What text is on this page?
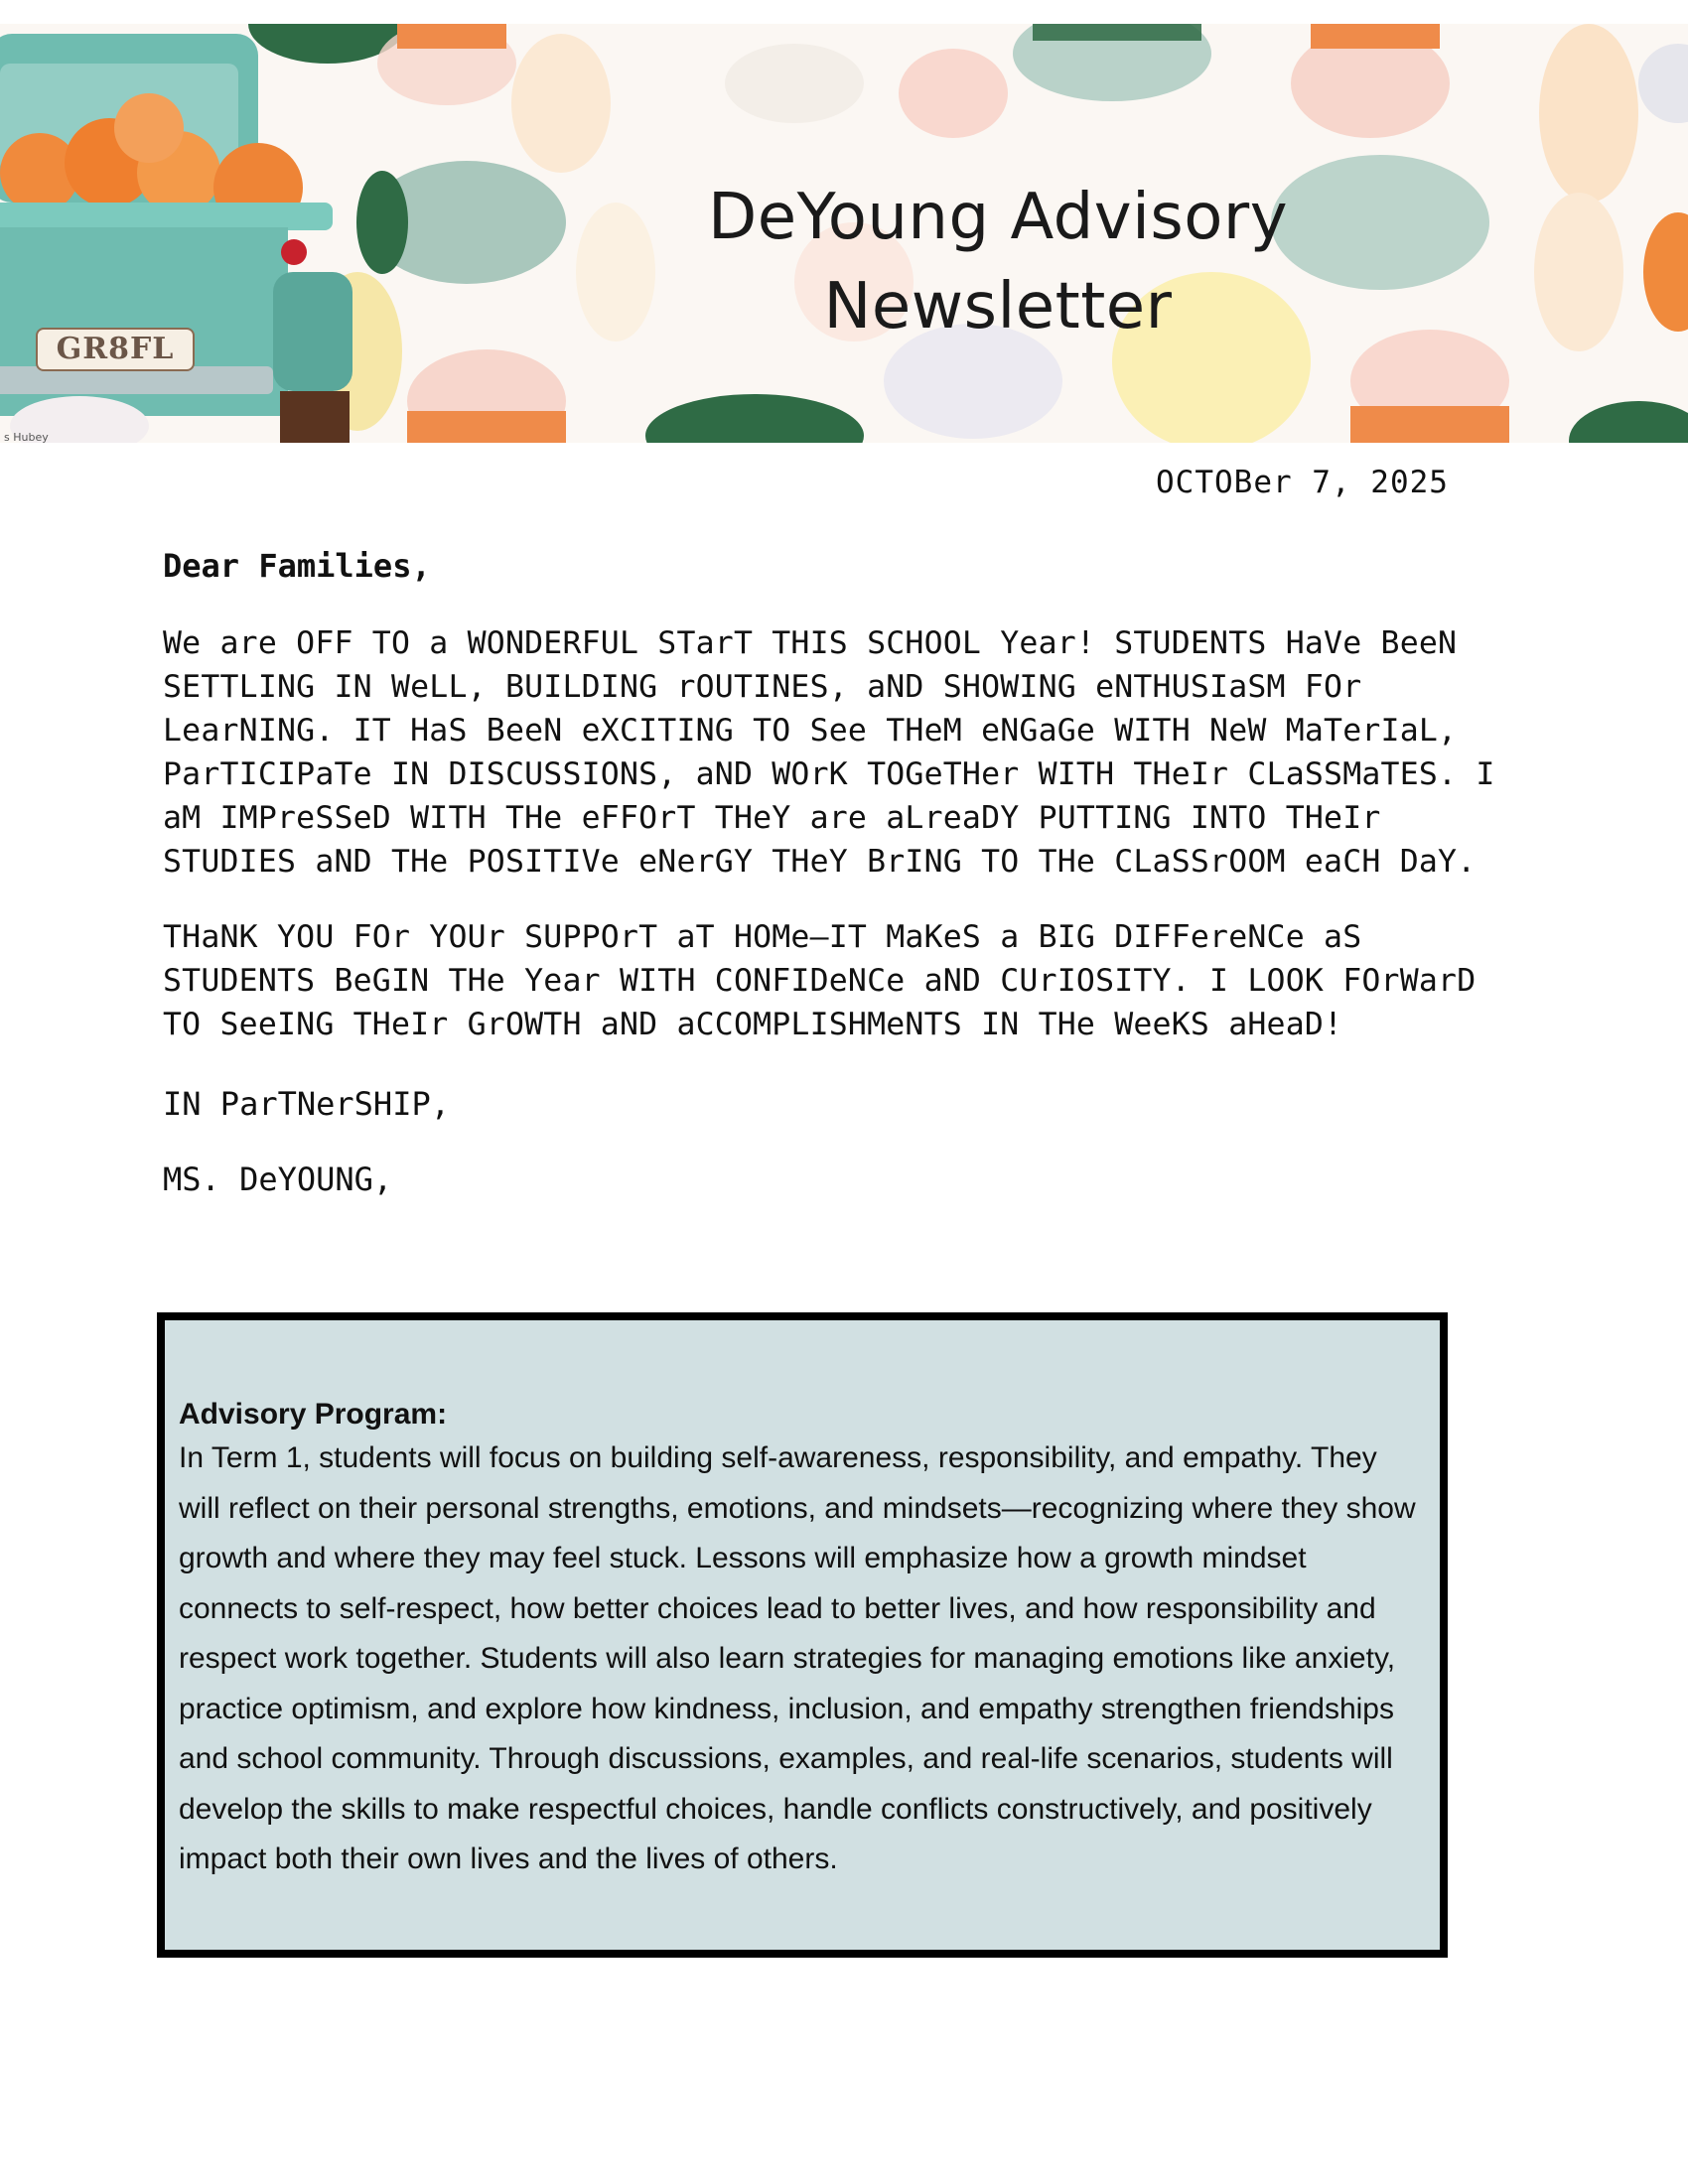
GR8FL
s Hubey
DeYoung Advisory
Newsletter
OCTOBer 7, 2025
Dear Families,
We are OFF TO a WONDERFUL STarT THIS SCHOOL Year! STUDENTS HaVe BeeN SETTLING IN WeLL, BUILDING rOUTINES, aND SHOWING eNTHUSIaSM FOr LearNING. IT HaS BeeN eXCITING TO See THeM eNGaGe WITH NeW MaTerIaL, ParTICIPaTe IN DISCUSSIONS, aND WOrK TOGeTHer WITH THeIr CLaSSMaTES. I aM IMPreSSeD WITH THe eFFOrT THeY are aLreaDY PUTTING INTO THeIr STUDIES aND THe POSITIVe eNerGY THeY BrING TO THe CLaSSrOOM eaCH DaY.
THaNK YOU FOr YOUr SUPPOrT aT HOMe—IT MaKeS a BIG DIFFereNCe aS STUDENTS BeGIN THe Year WITH CONFIDeNCe aND CUrIOSITY. I LOOK FOrWarD TO SeeING THeIr GrOWTH aND aCCOMPLISHMeNTS IN THe WeeKS aHeaD!
IN ParTNerSHIP,
MS. DeYOUNG,
Advisory Program:
In Term 1, students will focus on building self-awareness, responsibility, and empathy. They will reflect on their personal strengths, emotions, and mindsets—recognizing where they show growth and where they may feel stuck. Lessons will emphasize how a growth mindset connects to self-respect, how better choices lead to better lives, and how responsibility and respect work together. Students will also learn strategies for managing emotions like anxiety, practice optimism, and explore how kindness, inclusion, and empathy strengthen friendships and school community. Through discussions, examples, and real-life scenarios, students will develop the skills to make respectful choices, handle conflicts constructively, and positively impact both their own lives and the lives of others.
